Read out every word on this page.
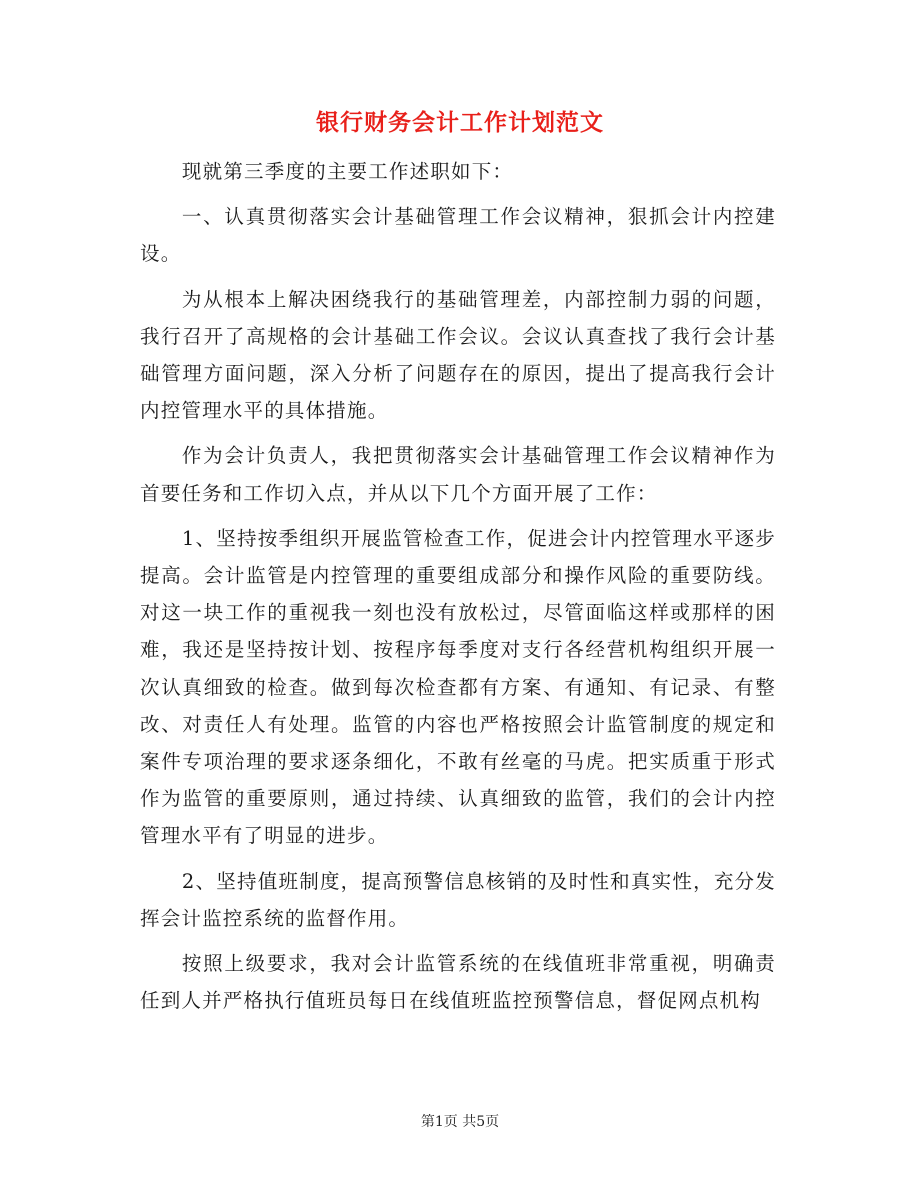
银行财务会计工作计划范文

现就第三季度的主要工作述职如下：

一、认真贯彻落实会计基础管理工作会议精神，狠抓会计内控建设。

为从根本上解决困绕我行的基础管理差，内部控制力弱的问题，我行召开了高规格的会计基础工作会议。会议认真查找了我行会计基础管理方面问题，深入分析了问题存在的原因，提出了提高我行会计内控管理水平的具体措施。

作为会计负责人，我把贯彻落实会计基础管理工作会议精神作为首要任务和工作切入点，并从以下几个方面开展了工作：

1、坚持按季组织开展监管检查工作，促进会计内控管理水平逐步提高。会计监管是内控管理的重要组成部分和操作风险的重要防线。对这一块工作的重视我一刻也没有放松过，尽管面临这样或那样的困难，我还是坚持按计划、按程序每季度对支行各经营机构组织开展一次认真细致的检查。做到每次检查都有方案、有通知、有记录、有整改、对责任人有处理。监管的内容也严格按照会计监管制度的规定和案件专项治理的要求逐条细化，不敢有丝毫的马虎。把实质重于形式作为监管的重要原则，通过持续、认真细致的监管，我们的会计内控管理水平有了明显的进步。

2、坚持值班制度，提高预警信息核销的及时性和真实性，充分发挥会计监控系统的监督作用。

按照上级要求，我对会计监管系统的在线值班非常重视，明确责任到人并严格执行值班员每日在线值班监控预警信息，督促网点机构

第1页 共5页
